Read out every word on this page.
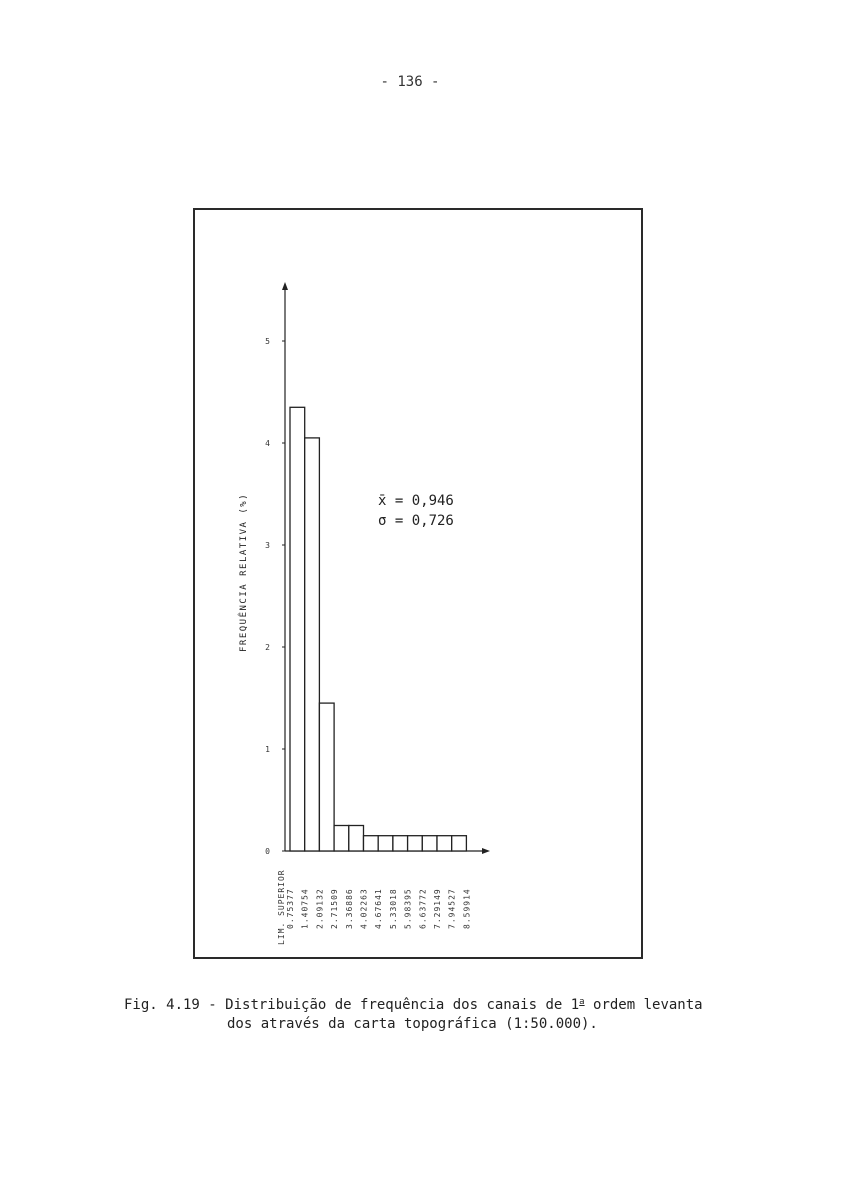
- 136 -
0
1
2
3
4
5
LIM. SUPERIOR 0.75377 1.40754 2.09132 2.71509 3.36886 4.02263 4.67641 5.33018 5.98395 6.63772 7.29149 7.94527 8.59914
FREQUÊNCIA RELATIVA (%)	x̄ = 0,946
σ = 0,726
Fig. 4.19 - Distribuição de frequência dos canais de 1$^a$ ordem levanta
dos através da carta topográfica (1:50.000).
